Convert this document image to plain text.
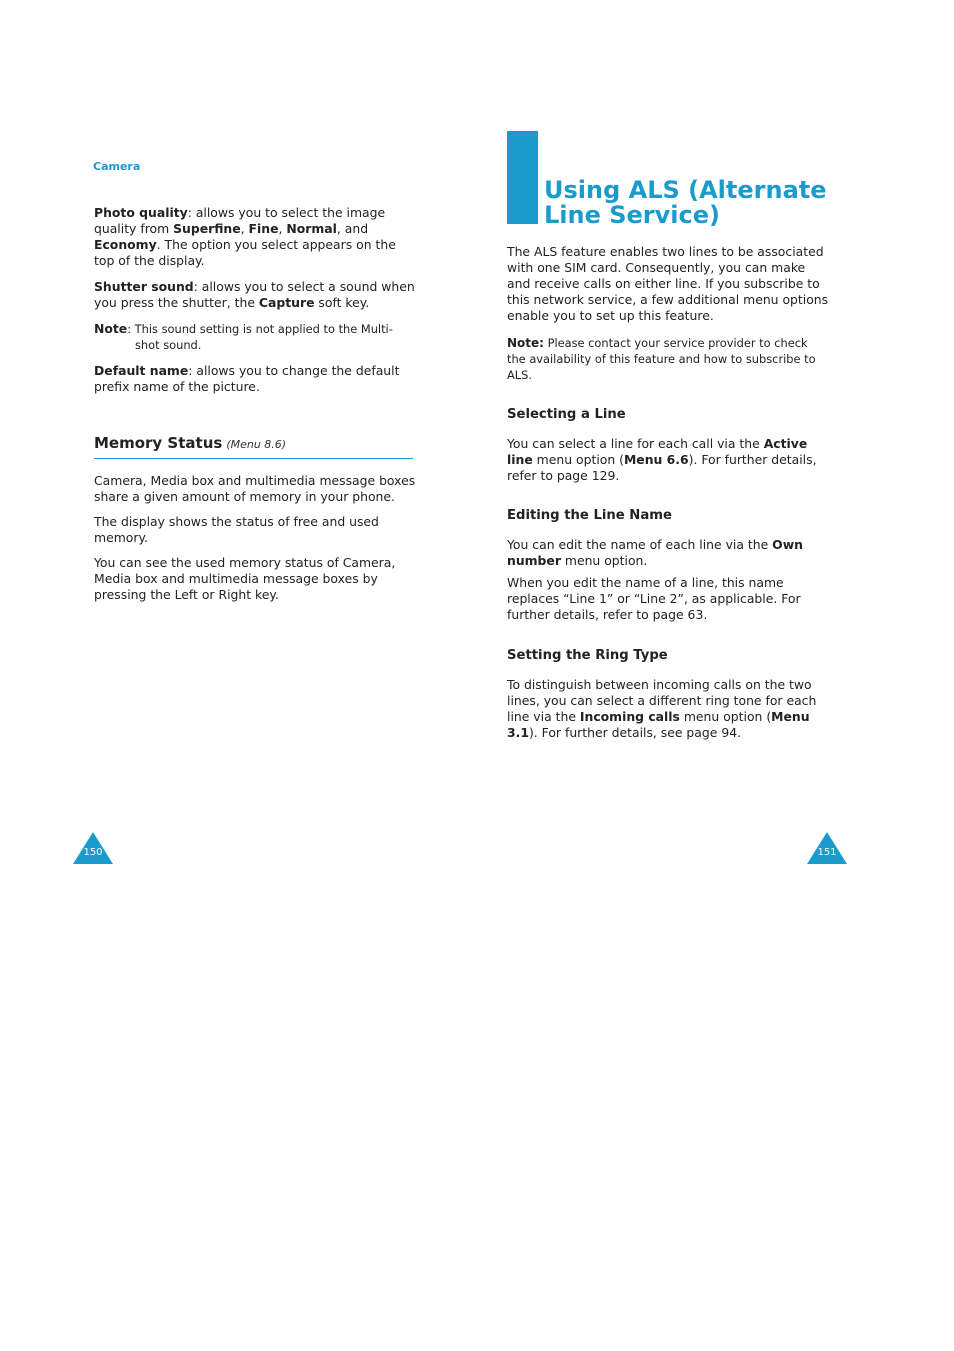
Camera

Photo quality: allows you to select the image quality from Superfine, Fine, Normal, and Economy. The option you select appears on the top of the display.

Shutter sound: allows you to select a sound when you press the shutter, the Capture soft key.

Note: This sound setting is not applied to the Multi-
shot sound.

Default name: allows you to change the default prefix name of the picture.

Memory Status (Menu 8.6)

Camera, Media box and multimedia message boxes share a given amount of memory in your phone.

The display shows the status of free and used memory.

You can see the used memory status of Camera, Media box and multimedia message boxes by pressing the Left or Right key.

Using ALS (Alternate Line Service)

The ALS feature enables two lines to be associated with one SIM card. Consequently, you can make and receive calls on either line. If you subscribe to this network service, a few additional menu options enable you to set up this feature.

Note: Please contact your service provider to check the availability of this feature and how to subscribe to ALS.

Selecting a Line

You can select a line for each call via the Active line menu option (Menu 6.6). For further details, refer to page 129.

Editing the Line Name

You can edit the name of each line via the Own number menu option.

When you edit the name of a line, this name replaces “Line 1” or “Line 2”, as applicable. For further details, refer to page 63.

Setting the Ring Type

To distinguish between incoming calls on the two lines, you can select a different ring tone for each line via the Incoming calls menu option (Menu 3.1). For further details, see page 94.

150	151
